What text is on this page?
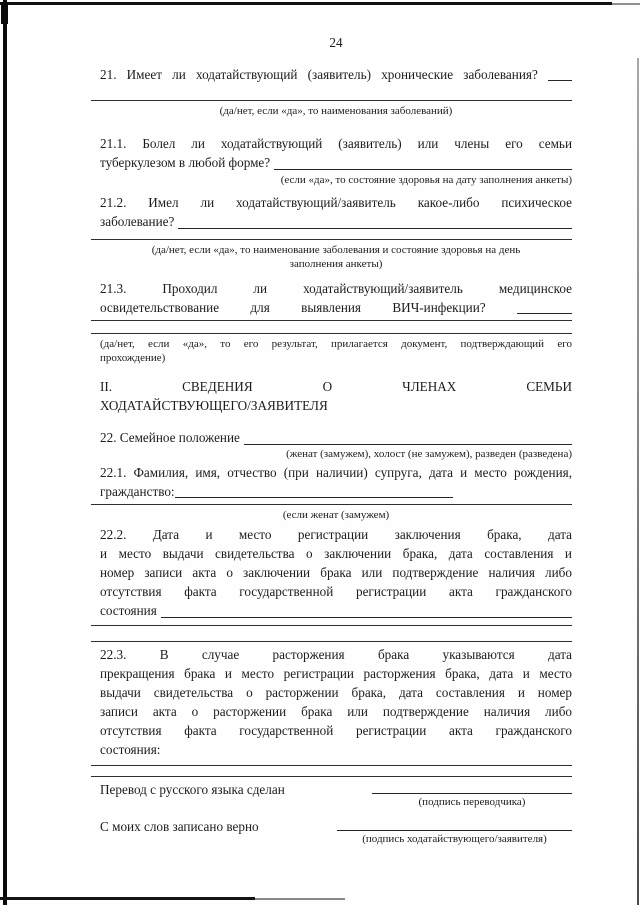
24
21. Имеет ли ходатайствующий (заявитель) хронические заболевания?
(да/нет, если «да», то наименования заболеваний)
21.1. Болел ли ходатайствующий (заявитель) или члены его семьи
туберкулезом в любой форме?
(если «да», то состояние здоровья на дату заполнения анкеты)
21.2. Имел ли ходатайствующий/заявитель какое-либо психическое
заболевание?
(да/нет, если «да», то наименование заболевания и состояние здоровья на день
заполнения анкеты)
21.3. Проходил ли ходатайствующий/заявитель медицинское
освидетельствование для выявления ВИЧ-инфекции?
(да/нет, если «да», то его результат, прилагается документ, подтверждающий его
прохождение)
II. СВЕДЕНИЯ О ЧЛЕНАХ СЕМЬИ
ХОДАТАЙСТВУЮЩЕГО/ЗАЯВИТЕЛЯ
22. Семейное положение
(женат (замужем), холост (не замужем), разведен (разведена)
22.1. Фамилия, имя, отчество (при наличии) супруга, дата и место рождения,
гражданство:
(если женат (замужем)
22.2. Дата и место регистрации заключения брака, дата
и место выдачи свидетельства о заключении брака, дата составления и
номер записи акта о заключении брака или подтверждение наличия либо
отсутствия факта государственной регистрации акта гражданского
состояния
22.3. В случае расторжения брака указываются дата
прекращения брака и место регистрации расторжения брака, дата и место
выдачи свидетельства о расторжении брака, дата составления и номер
записи акта о расторжении брака или подтверждение наличия либо
отсутствия факта государственной регистрации акта гражданского
состояния:
Перевод с русского языка сделан
(подпись переводчика)
С моих слов записано верно
(подпись ходатайствующего/заявителя)
